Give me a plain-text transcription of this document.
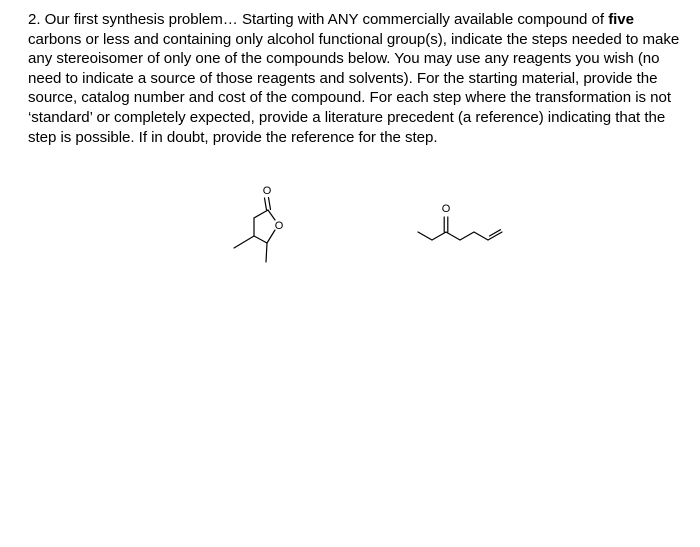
2. Our first synthesis problem… Starting with ANY commercially available compound of five carbons or less and containing only alcohol functional group(s), indicate the steps needed to make any stereoisomer of only one of the compounds below. You may use any reagents you wish (no need to indicate a source of those reagents and solvents). For the starting material, provide the source, catalog number and cost of the compound. For each step where the transformation is not ‘standard’ or completely expected, provide a literature precedent (a reference) indicating that the step is possible. If in doubt, provide the reference for the step.
O
O
O
